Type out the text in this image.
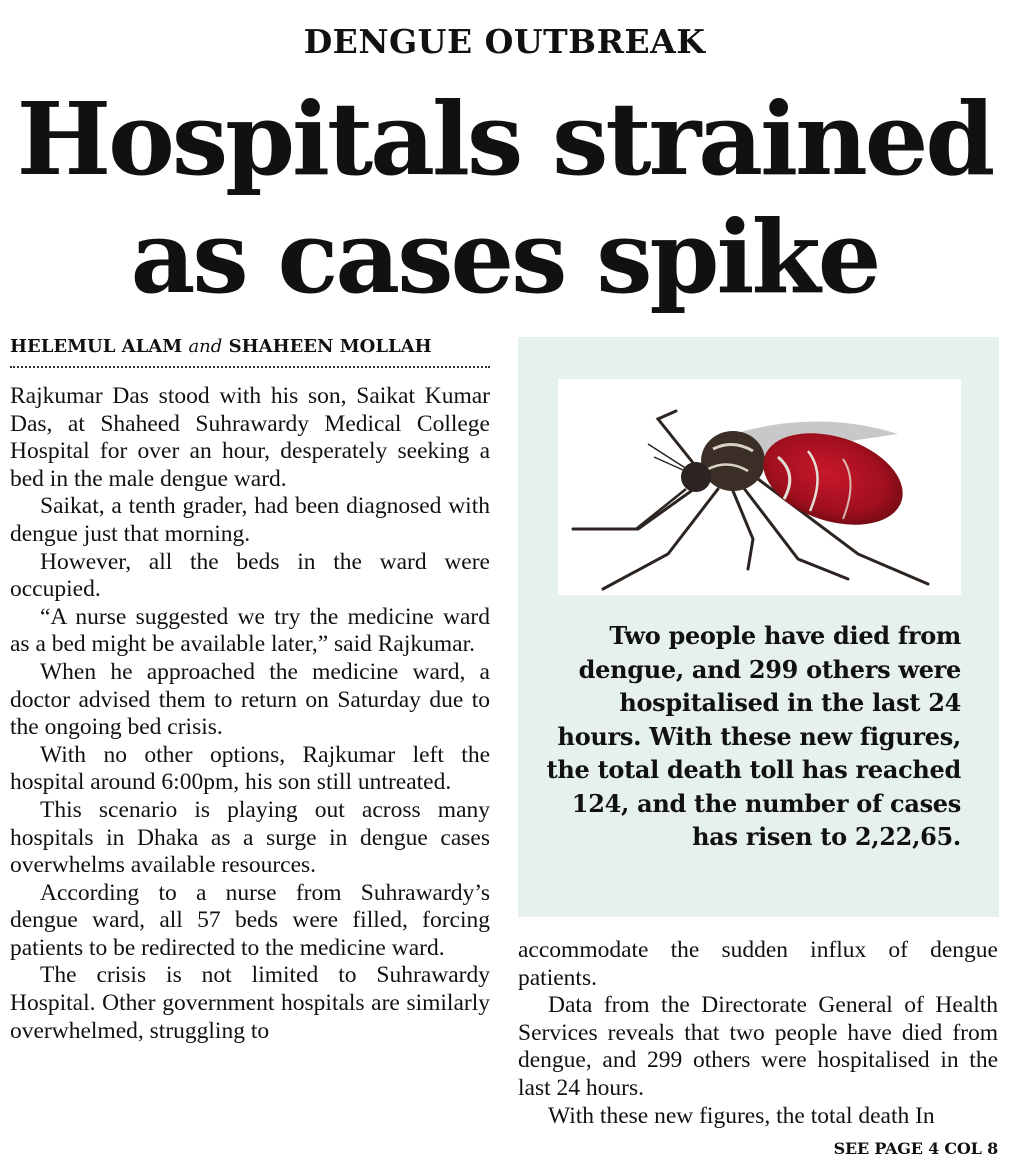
DENGUE OUTBREAK
Hospitals strained
as cases spike
HELEMUL ALAM and SHAHEEN MOLLAH

Rajkumar Das stood with his son, Saikat Kumar Das, at Shaheed Suhrawardy Medical College Hospital for over an hour, desperately seeking a bed in the male dengue ward.

Saikat, a tenth grader, had been diagnosed with dengue just that morning.

However, all the beds in the ward were occupied.

“A nurse suggested we try the medicine ward as a bed might be available later,” said Rajkumar.

When he approached the medicine ward, a doctor advised them to return on Saturday due to the ongoing bed crisis.

With no other options, Rajkumar left the hospital around 6:00pm, his son still untreated.

This scenario is playing out across many hospitals in Dhaka as a surge in dengue cases overwhelms available resources.

According to a nurse from Suhrawardy’s dengue ward, all 57 beds were filled, forcing patients to be redirected to the medicine ward.

The crisis is not limited to Suhrawardy Hospital. Other government hospitals are similarly overwhelmed, struggling to

Two people have died from dengue, and 299 others were hospitalised in the last 24 hours. With these new figures, the total death toll has reached 124, and the number of cases has risen to 2,22,65.

accommodate the sudden influx of dengue patients.

Data from the Directorate General of Health Services reveals that two people have died from dengue, and 299 others were hospitalised in the last 24 hours.

With these new figures, the total death In

SEE PAGE 4 COL 8
